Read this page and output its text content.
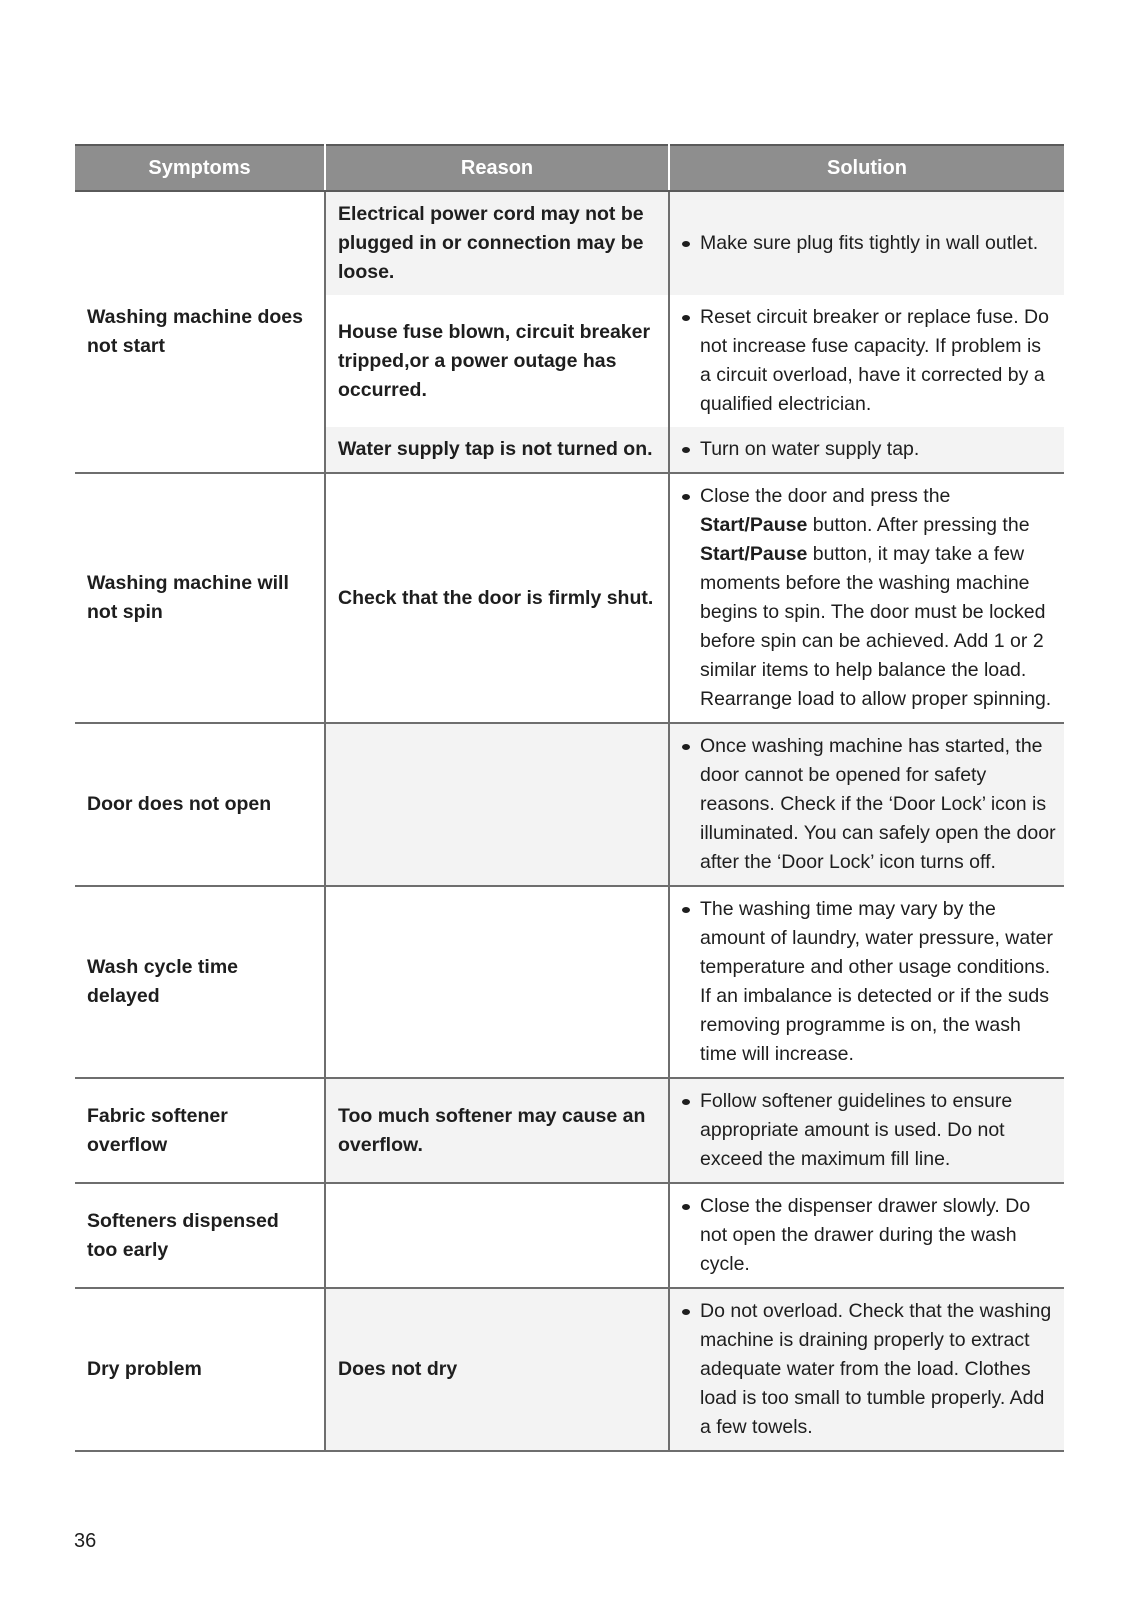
Symptoms	Reason	Solution
Washing machine does not start	Electrical power cord may not be plugged in or connection may be loose.	Make sure plug fits tightly in wall outlet.

	House fuse blown, circuit breaker tripped,or a power outage has occurred.	Reset circuit breaker or replace fuse. Do not increase fuse capacity. If problem is a circuit overload, have it corrected by a qualified electrician.

	Water supply tap is not turned on.	Turn on water supply tap.

Washing machine will not spin	Check that the door is firmly shut.	Close the door and press the Start/Pause button. After pressing the Start/Pause button, it may take a few moments before the washing machine begins to spin. The door must be locked before spin can be achieved. Add 1 or 2 similar items to help balance the load. Rearrange load to allow proper spinning.

Door does not open		Once washing machine has started, the door cannot be opened for safety reasons. Check if the ‘Door Lock’ icon is illuminated. You can safely open the door after the ‘Door Lock’ icon turns off.

Wash cycle time delayed		The washing time may vary by the amount of laundry, water pressure, water temperature and other usage conditions. If an imbalance is detected or if the suds removing programme is on, the wash time will increase.

Fabric softener overflow	Too much softener may cause an overflow.	Follow softener guidelines to ensure appropriate amount is used. Do not exceed the maximum fill line.

Softeners dispensed too early		Close the dispenser drawer slowly. Do not open the drawer during the wash cycle.

Dry problem	Does not dry	Do not overload. Check that the washing machine is draining properly to extract adequate water from the load. Clothes load is too small to tumble properly. Add a few towels.
36
